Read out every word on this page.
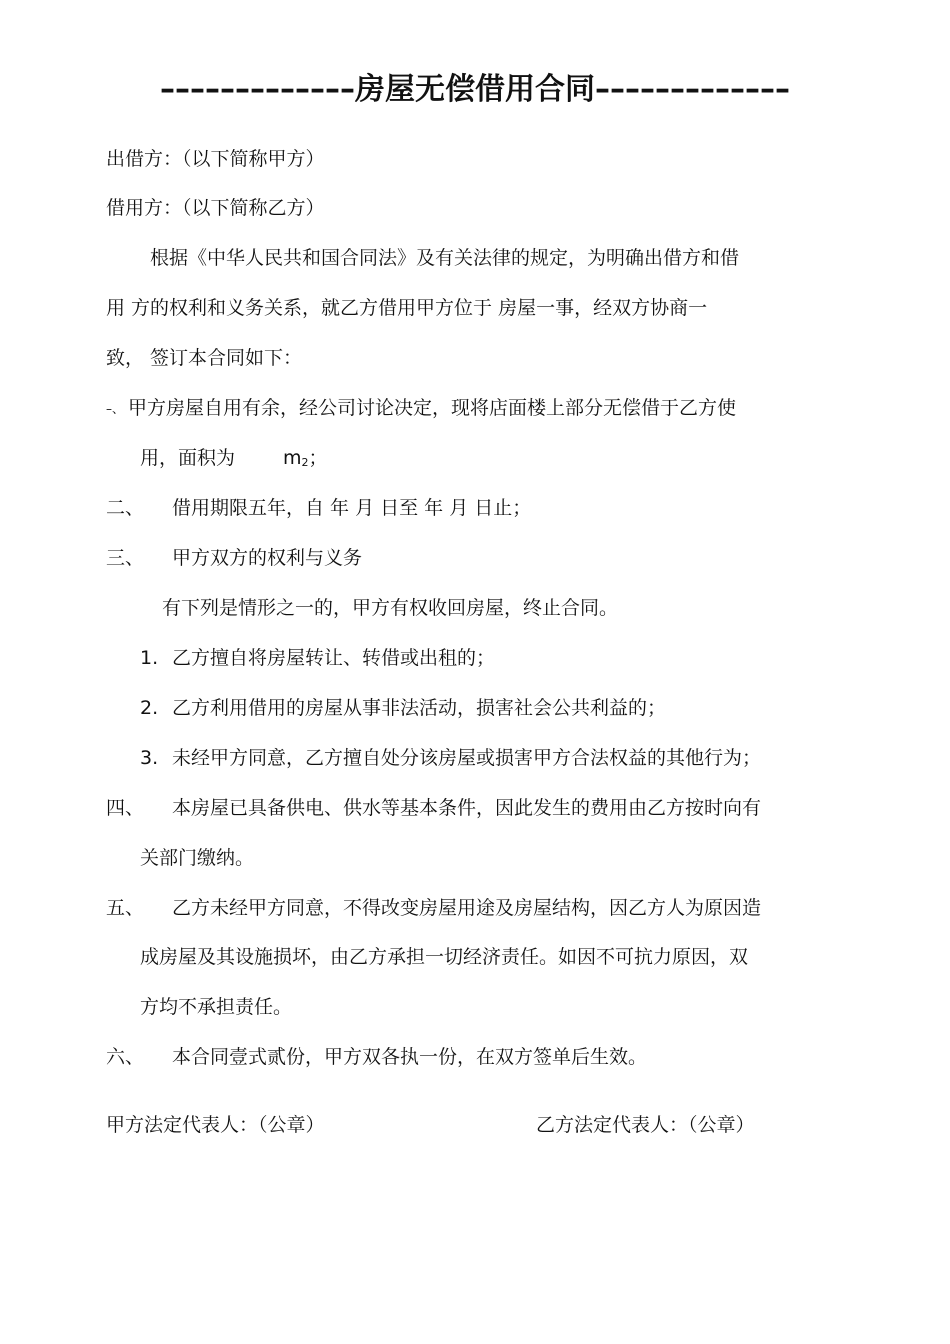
–––––––––––––房屋无偿借用合同–––––––––––––
出借方：（以下简称甲方）
借用方：（以下简称乙方）
根据《中华人民共和国合同法》及有关法律的规定，为明确出借方和借
用 方的权利和义务关系，就乙方借用甲方位于 房屋一事，经双方协商一
致， 签订本合同如下：
–、 甲方房屋自用有余，经公司讨论决定，现将店面楼上部分无偿借于乙方使
用，面积为	m2；
二、 借用期限五年，自 年 月 日至 年 月 日止；
三、 甲方双方的权利与义务
有下列是情形之一的，甲方有权收回房屋，终止合同。
1. 乙方擅自将房屋转让、转借或出租的；
2. 乙方利用借用的房屋从事非法活动，损害社会公共利益的；
3. 未经甲方同意，乙方擅自处分该房屋或损害甲方合法权益的其他行为；
四、 本房屋已具备供电、供水等基本条件，因此发生的费用由乙方按时向有
关部门缴纳。
五、 乙方未经甲方同意，不得改变房屋用途及房屋结构，因乙方人为原因造
成房屋及其设施损坏，由乙方承担一切经济责任。如因不可抗力原因，双
方均不承担责任。
六、 本合同壹式贰份，甲方双各执一份，在双方签单后生效。
甲方法定代表人：（公章）	乙方法定代表人：（公章）
